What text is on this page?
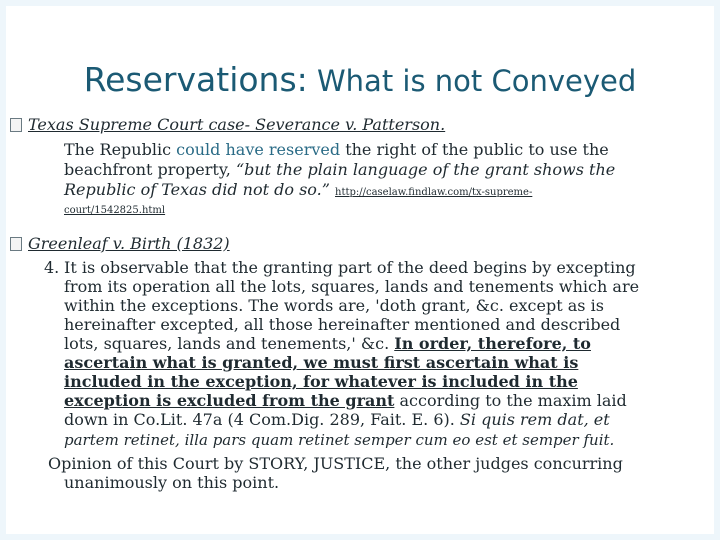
Reservations: What is not Conveyed
Texas Supreme Court case- Severance v. Patterson.
The Republic could have reserved the right of the public to use the
beachfront property, “but the plain language of the grant shows the
Republic of Texas did not do so.” http://caselaw.findlaw.com/tx-supreme-
court/1542825.html
Greenleaf v. Birth (1832)
4. It is observable that the granting part of the deed begins by excepting
from its operation all the lots, squares, lands and tenements which are
within the exceptions. The words are, 'doth grant, &c. except as is
hereinafter excepted, all those hereinafter mentioned and described
lots, squares, lands and tenements,' &c. In order, therefore, to
ascertain what is granted, we must first ascertain what is
included in the exception, for whatever is included in the
exception is excluded from the grant according to the maxim laid
down in Co.Lit. 47a (4 Com.Dig. 289, Fait. E. 6). Si quis rem dat, et
partem retinet, illa pars quam retinet semper cum eo est et semper fuit.
Opinion of this Court by STORY, JUSTICE, the other judges concurring
unanimously on this point.
